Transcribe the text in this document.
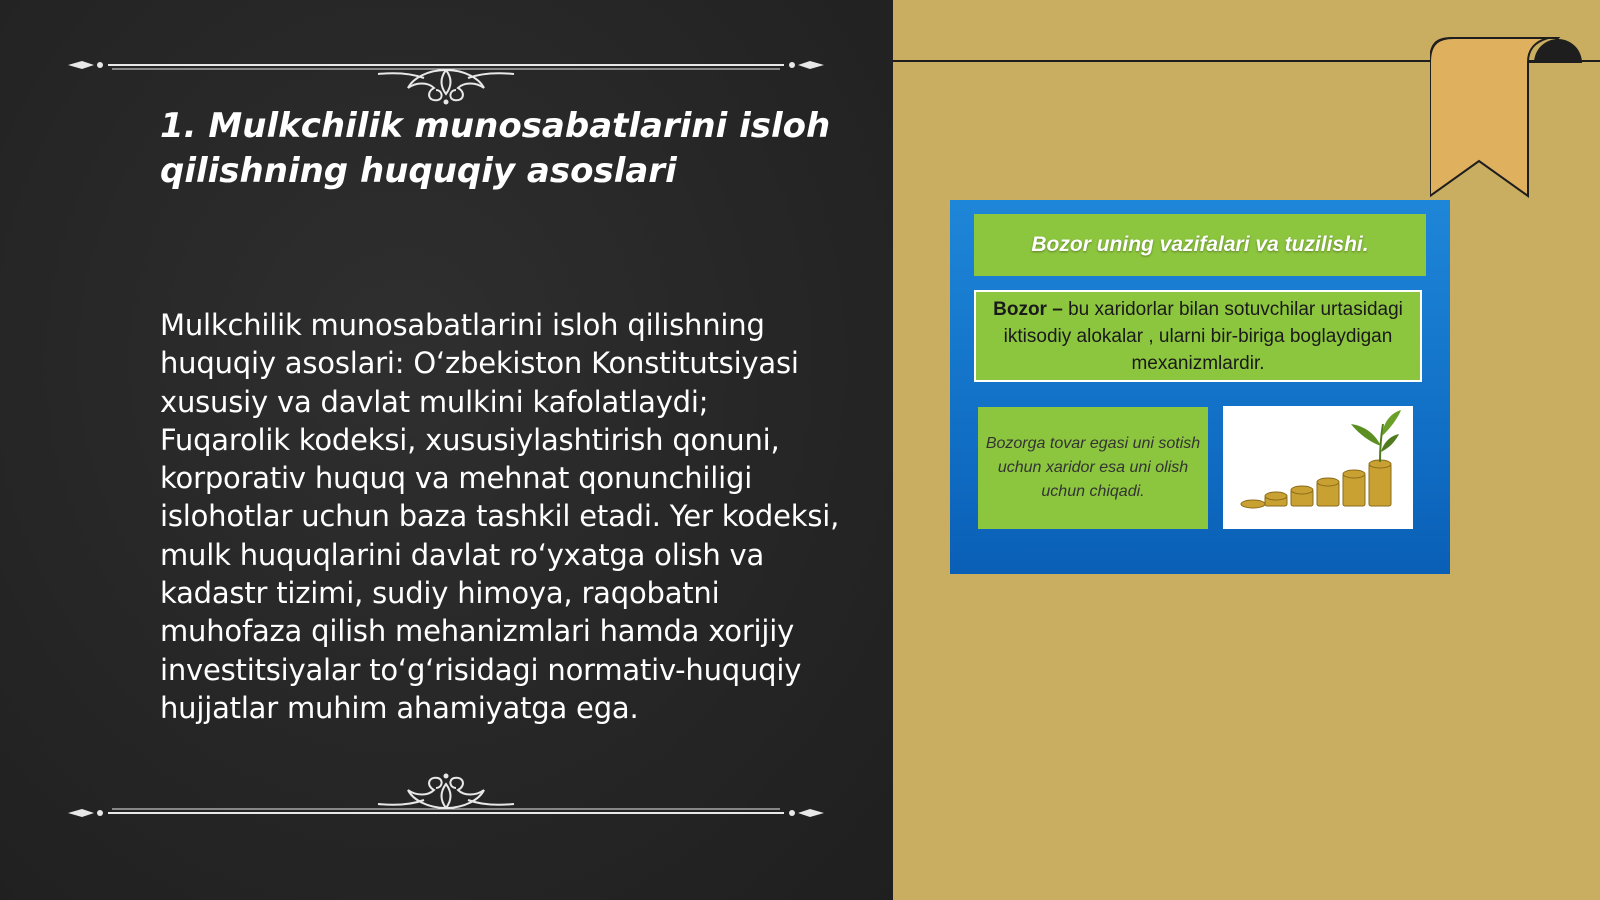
1. Mulkchilik munosabatlarini isloh qilishning huquqiy asoslari

Mulkchilik munosabatlarini isloh qilishning huquqiy asoslari: O‘zbekiston Konstitutsiyasi xususiy va davlat mulkini kafolatlaydi; Fuqarolik kodeksi, xususiylashtirish qonuni, korporativ huquq va mehnat qonunchiligi islohotlar uchun baza tashkil etadi. Yer kodeksi, mulk huquqlarini davlat ro‘yxatga olish va kadastr tizimi, sudiy himoya, raqobatni muhofaza qilish mehanizmlari hamda xorijiy investitsiyalar to‘g‘risidagi normativ-huquqiy hujjatlar muhim ahamiyatga ega.

Bozor uning vazifalari va tuzilishi.
Bozor – bu xaridorlar bilan sotuvchilar urtasidagi iktisodiy alokalar , ularni bir-biriga boglaydigan mexanizmlardir.
Bozorga tovar egasi uni sotish uchun xaridor esa uni olish uchun chiqadi.
